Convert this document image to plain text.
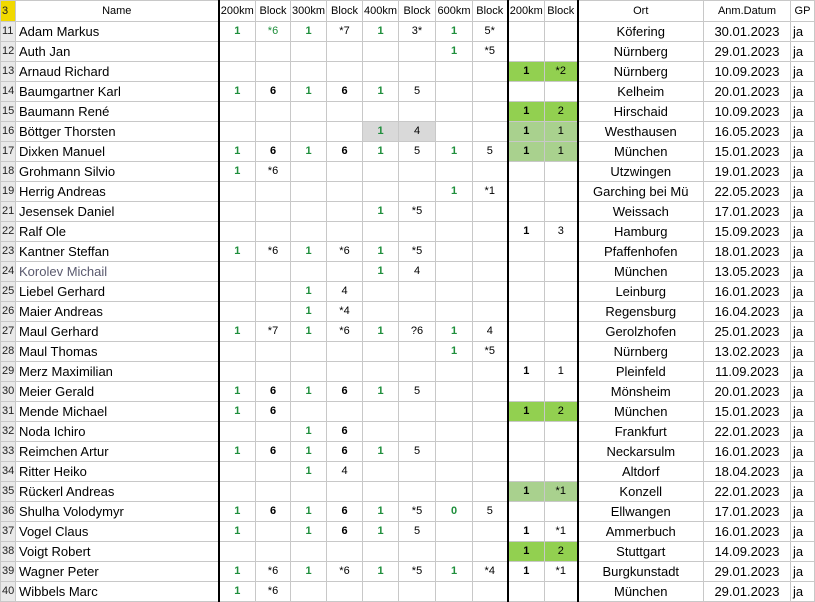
3	Name	200km	Block	300km	Block	400km	Block	600km	Block	200km	Block	Ort	Anm.Datum	GP
11	Adam Markus	1	*6	1	*7	1	3*	1	5*			Köfering	30.01.2023	ja
12	Auth Jan							1	*5			Nürnberg	29.01.2023	ja
13	Arnaud Richard									1	*2	Nürnberg	10.09.2023	ja
14	Baumgartner Karl	1	6	1	6	1	5					Kelheim	20.01.2023	ja
15	Baumann René									1	2	Hirschaid	10.09.2023	ja
16	Böttger Thorsten					1	4			1	1	Westhausen	16.05.2023	ja
17	Dixken Manuel	1	6	1	6	1	5	1	5	1	1	München	15.01.2023	ja
18	Grohmann Silvio	1	*6									Utzwingen	19.01.2023	ja
19	Herrig Andreas							1	*1			Garching bei Mü	22.05.2023	ja
21	Jesensek Daniel					1	*5					Weissach	17.01.2023	ja
22	Ralf Ole									1	3	Hamburg	15.09.2023	ja
23	Kantner Steffan	1	*6	1	*6	1	*5					Pfaffenhofen	18.01.2023	ja
24	Korolev Michail					1	4					München	13.05.2023	ja
25	Liebel Gerhard			1	4							Leinburg	16.01.2023	ja
26	Maier Andreas			1	*4							Regensburg	16.04.2023	ja
27	Maul Gerhard	1	*7	1	*6	1	?6	1	4			Gerolzhofen	25.01.2023	ja
28	Maul Thomas							1	*5			Nürnberg	13.02.2023	ja
29	Merz Maximilian									1	1	Pleinfeld	11.09.2023	ja
30	Meier Gerald	1	6	1	6	1	5					Mönsheim	20.01.2023	ja
31	Mende Michael	1	6							1	2	München	15.01.2023	ja
32	Noda Ichiro			1	6							Frankfurt	22.01.2023	ja
33	Reimchen Artur	1	6	1	6	1	5					Neckarsulm	16.01.2023	ja
34	Ritter Heiko			1	4							Altdorf	18.04.2023	ja
35	Rückerl Andreas									1	*1	Konzell	22.01.2023	ja
36	Shulha Volodymyr	1	6	1	6	1	*5	0	5			Ellwangen	17.01.2023	ja
37	Vogel Claus	1		1	6	1	5			1	*1	Ammerbuch	16.01.2023	ja
38	Voigt Robert									1	2	Stuttgart	14.09.2023	ja
39	Wagner Peter	1	*6	1	*6	1	*5	1	*4	1	*1	Burgkunstadt	29.01.2023	ja
40	Wibbels Marc	1	*6									München	29.01.2023	ja
